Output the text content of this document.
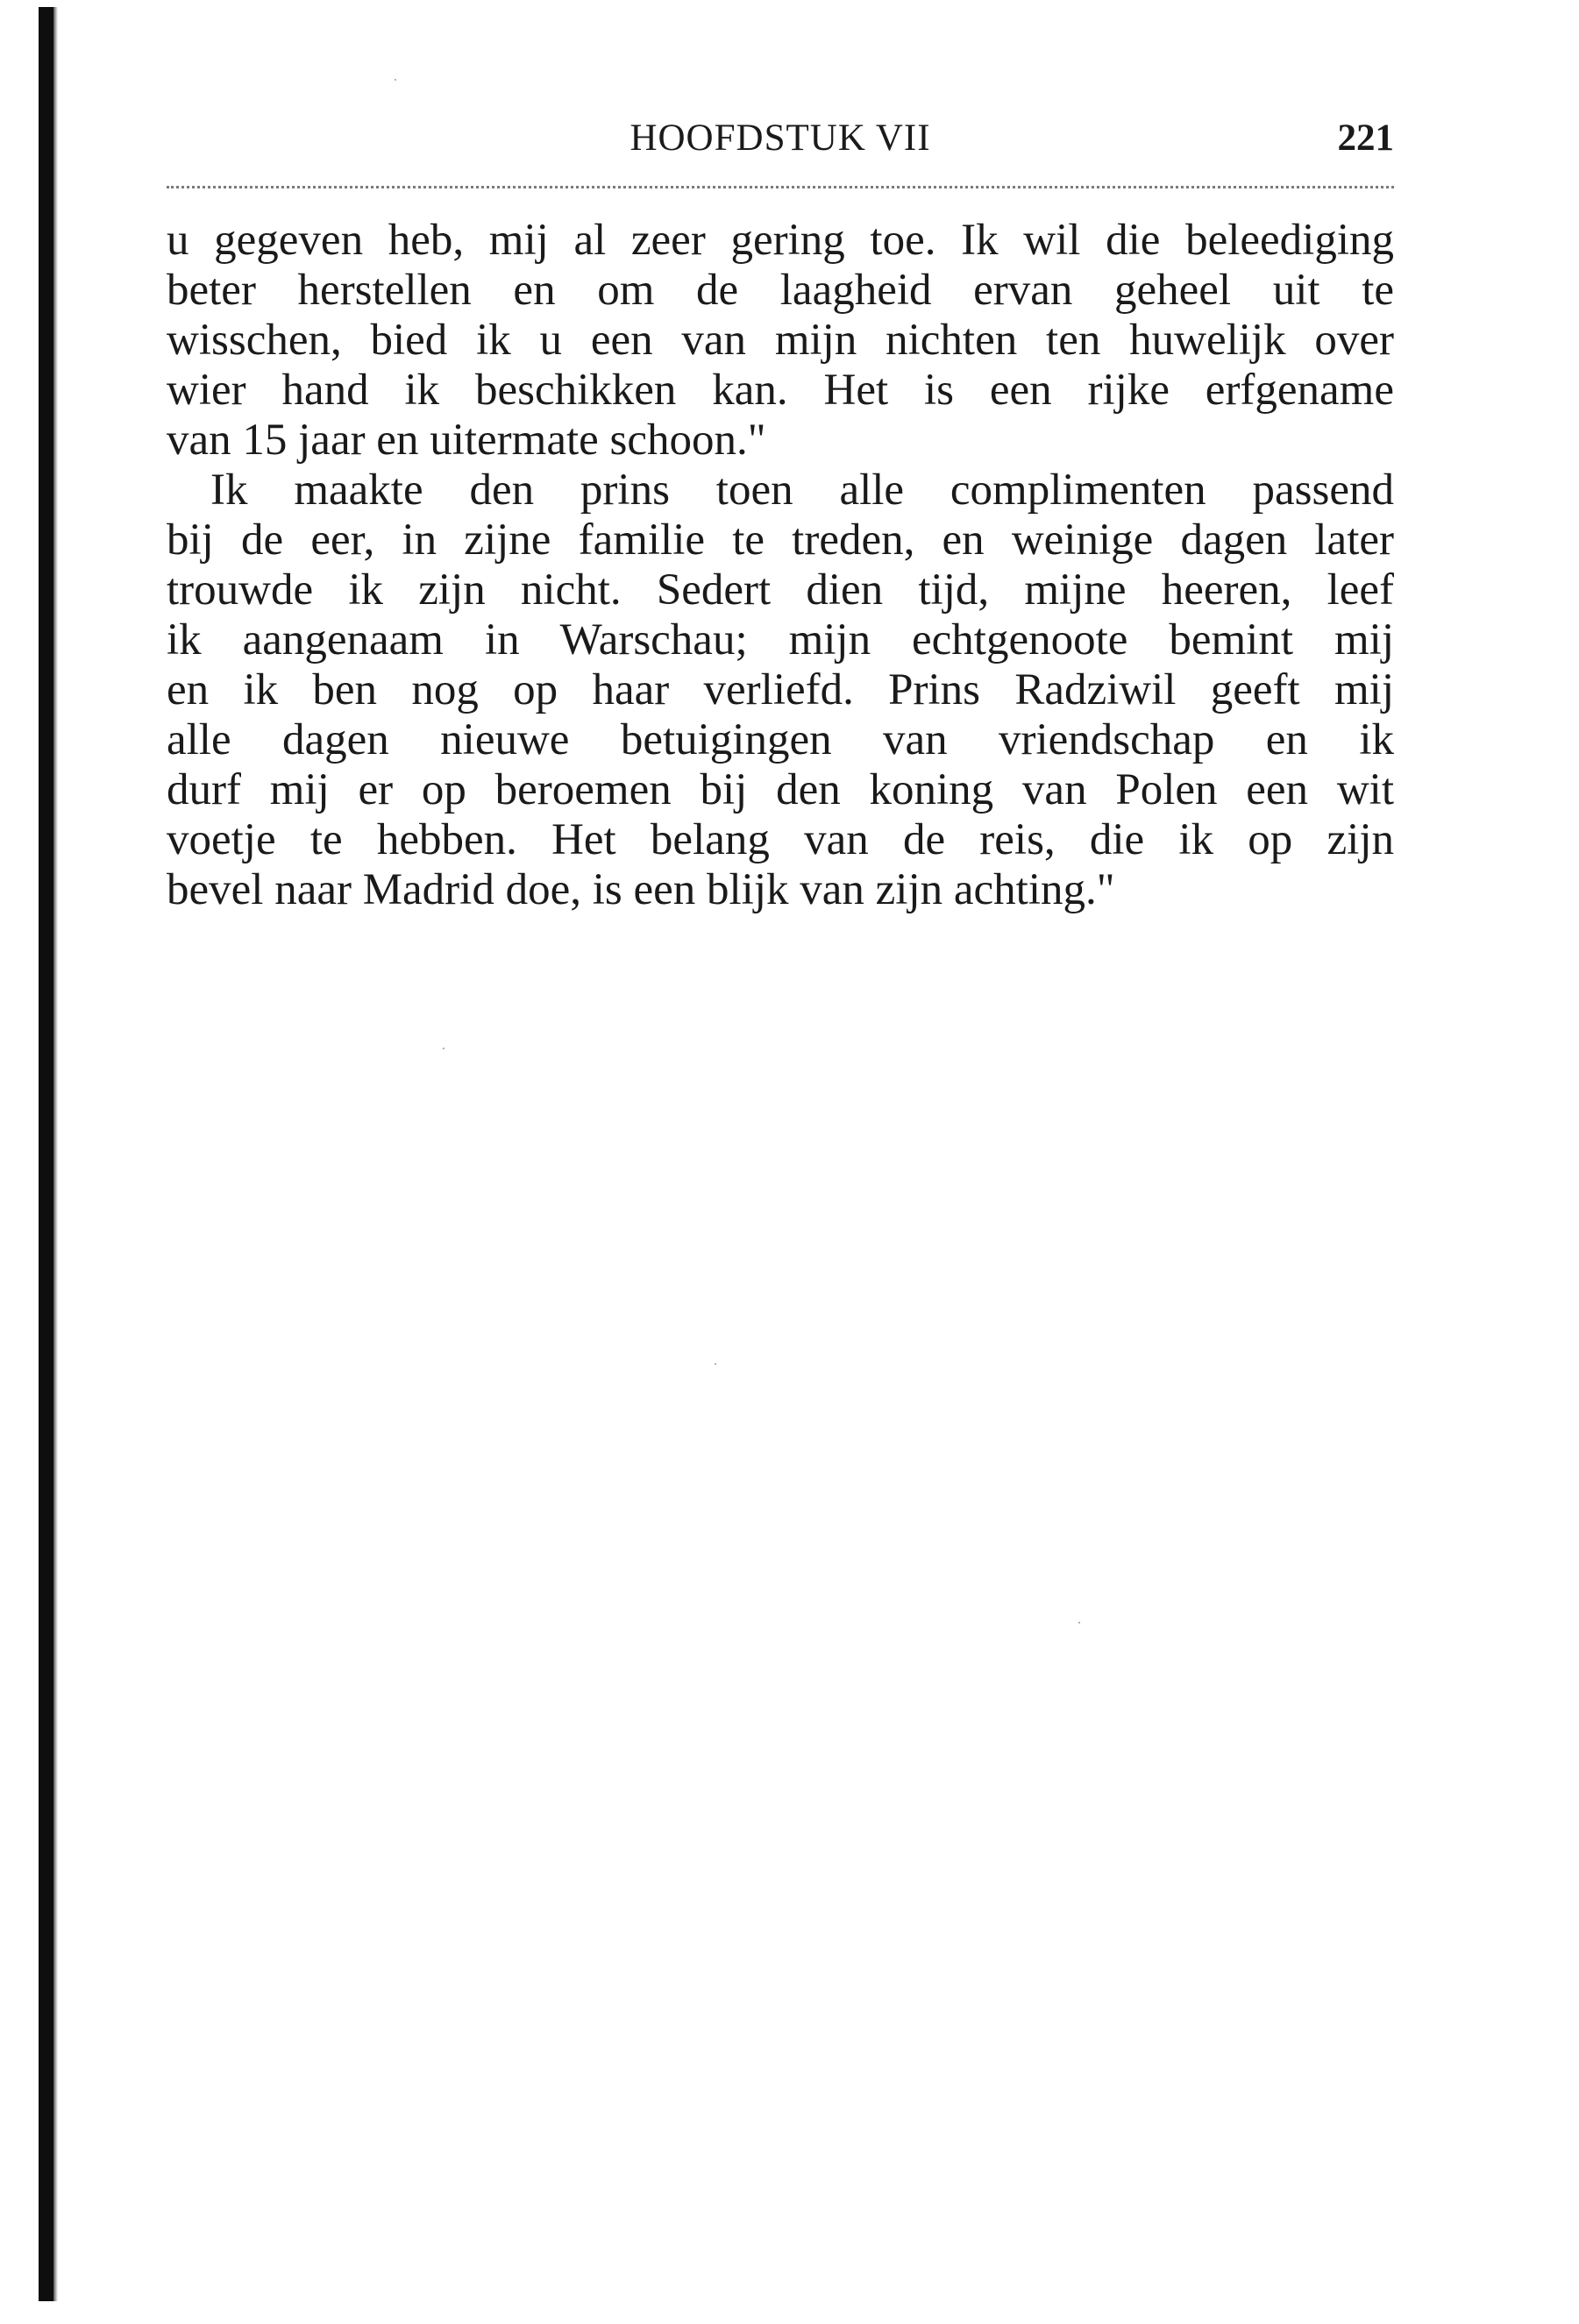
HOOFDSTUK VII	221
u gegeven heb, mij al zeer gering toe. Ik wil die beleediging
beter herstellen en om de laagheid ervan geheel uit te
wisschen, bied ik u een van mijn nichten ten huwelijk over
wier hand ik beschikken kan. Het is een rijke erfgename
van 15 jaar en uitermate schoon."
Ik maakte den prins toen alle complimenten passend
bij de eer, in zijne familie te treden, en weinige dagen later
trouwde ik zijn nicht. Sedert dien tijd, mijne heeren, leef
ik aangenaam in Warschau; mijn echtgenoote bemint mij
en ik ben nog op haar verliefd. Prins Radziwil geeft mij
alle dagen nieuwe betuigingen van vriendschap en ik
durf mij er op beroemen bij den koning van Polen een wit
voetje te hebben. Het belang van de reis, die ik op zijn
bevel naar Madrid doe, is een blijk van zijn achting."
